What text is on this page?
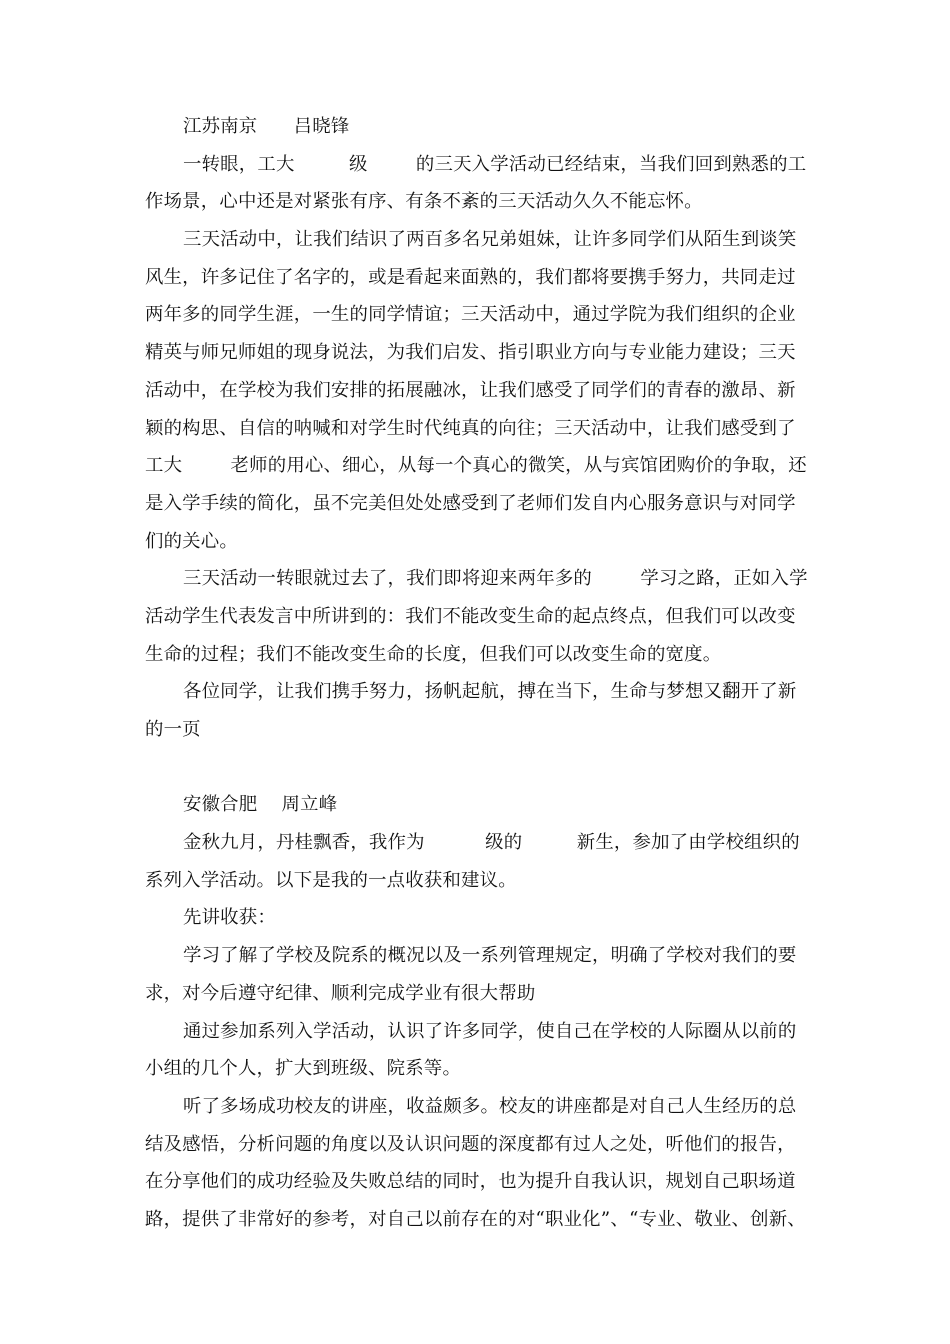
江苏南京      吕晓锋
一转眼，工大         级        的三天入学活动已经结束，当我们回到熟悉的工
作场景，心中还是对紧张有序、有条不紊的三天活动久久不能忘怀。
三天活动中，让我们结识了两百多名兄弟姐妹，让许多同学们从陌生到谈笑
风生，许多记住了名字的，或是看起来面熟的，我们都将要携手努力，共同走过
两年多的同学生涯，一生的同学情谊；三天活动中，通过学院为我们组织的企业
精英与师兄师姐的现身说法，为我们启发、指引职业方向与专业能力建设；三天
活动中，在学校为我们安排的拓展融冰，让我们感受了同学们的青春的激昂、新
颖的构思、自信的呐喊和对学生时代纯真的向往；三天活动中，让我们感受到了
工大        老师的用心、细心，从每一个真心的微笑，从与宾馆团购价的争取，还
是入学手续的简化，虽不完美但处处感受到了老师们发自内心服务意识与对同学
们的关心。
三天活动一转眼就过去了，我们即将迎来两年多的        学习之路，正如入学
活动学生代表发言中所讲到的：我们不能改变生命的起点终点，但我们可以改变
生命的过程；我们不能改变生命的长度，但我们可以改变生命的宽度。
各位同学，让我们携手努力，扬帆起航，搏在当下，生命与梦想又翻开了新
的一页
安徽合肥    周立峰
金秋九月，丹桂飘香，我作为          级的         新生，参加了由学校组织的
系列入学活动。以下是我的一点收获和建议。
先讲收获：
学习了解了学校及院系的概况以及一系列管理规定，明确了学校对我们的要
求，对今后遵守纪律、顺利完成学业有很大帮助
通过参加系列入学活动，认识了许多同学，使自己在学校的人际圈从以前的
小组的几个人，扩大到班级、院系等。
听了多场成功校友的讲座，收益颇多。校友的讲座都是对自己人生经历的总
结及感悟，分析问题的角度以及认识问题的深度都有过人之处，听他们的报告，
在分享他们的成功经验及失败总结的同时，也为提升自我认识，规划自己职场道
路，提供了非常好的参考，对自己以前存在的对“职业化”、“专业、敬业、创新、
